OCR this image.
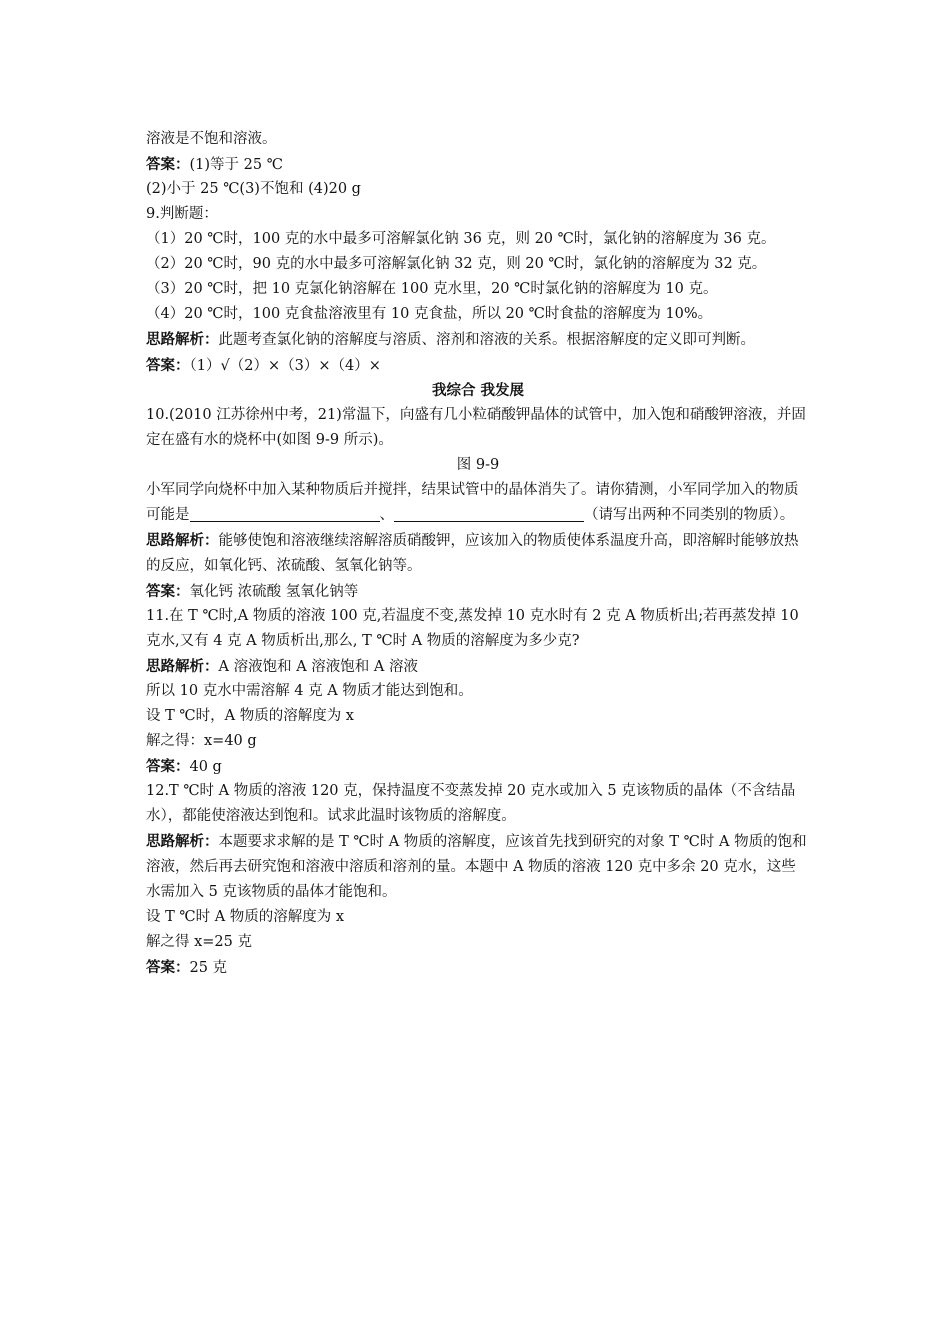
溶液是不饱和溶液。
答案：(1)等于 25 ℃
(2)小于 25 ℃(3)不饱和 (4)20 g
9.判断题：
（1）20 ℃时，100 克的水中最多可溶解氯化钠 36 克，则 20 ℃时，氯化钠的溶解度为 36 克。
（2）20 ℃时，90 克的水中最多可溶解氯化钠 32 克，则 20 ℃时，氯化钠的溶解度为 32 克。
（3）20 ℃时，把 10 克氯化钠溶解在 100 克水里，20 ℃时氯化钠的溶解度为 10 克。
（4）20 ℃时，100 克食盐溶液里有 10 克食盐，所以 20 ℃时食盐的溶解度为 10%。
思路解析：此题考查氯化钠的溶解度与溶质、溶剂和溶液的关系。根据溶解度的定义即可判断。
答案：（1）√（2）×（3）×（4）×
我综合 我发展
10.(2010 江苏徐州中考，21)常温下，向盛有几小粒硝酸钾晶体的试管中，加入饱和硝酸钾溶液，并固定在盛有水的烧杯中(如图 9-9 所示)。
图 9-9
小军同学向烧杯中加入某种物质后并搅拌，结果试管中的晶体消失了。请你猜测，小军同学加入的物质可能是	、	（请写出两种不同类别的物质）。
思路解析：能够使饱和溶液继续溶解溶质硝酸钾，应该加入的物质使体系温度升高，即溶解时能够放热的反应，如氧化钙、浓硫酸、氢氧化钠等。
答案：氧化钙 浓硫酸 氢氧化钠等
11.在 T ℃时,A 物质的溶液 100 克,若温度不变,蒸发掉 10 克水时有 2 克 A 物质析出;若再蒸发掉 10 克水,又有 4 克 A 物质析出,那么, T ℃时 A 物质的溶解度为多少克?
思路解析：A 溶液饱和 A 溶液饱和 A 溶液
所以 10 克水中需溶解 4 克 A 物质才能达到饱和。
设 T ℃时，A 物质的溶解度为 x
解之得：x=40 g
答案：40 g
12.T ℃时 A 物质的溶液 120 克，保持温度不变蒸发掉 20 克水或加入 5 克该物质的晶体（不含结晶水），都能使溶液达到饱和。试求此温时该物质的溶解度。
思路解析：本题要求求解的是 T ℃时 A 物质的溶解度，应该首先找到研究的对象 T ℃时 A 物质的饱和溶液，然后再去研究饱和溶液中溶质和溶剂的量。本题中 A 物质的溶液 120 克中多余 20 克水，这些水需加入 5 克该物质的晶体才能饱和。
设 T ℃时 A 物质的溶解度为 x
解之得 x=25 克
答案：25 克
